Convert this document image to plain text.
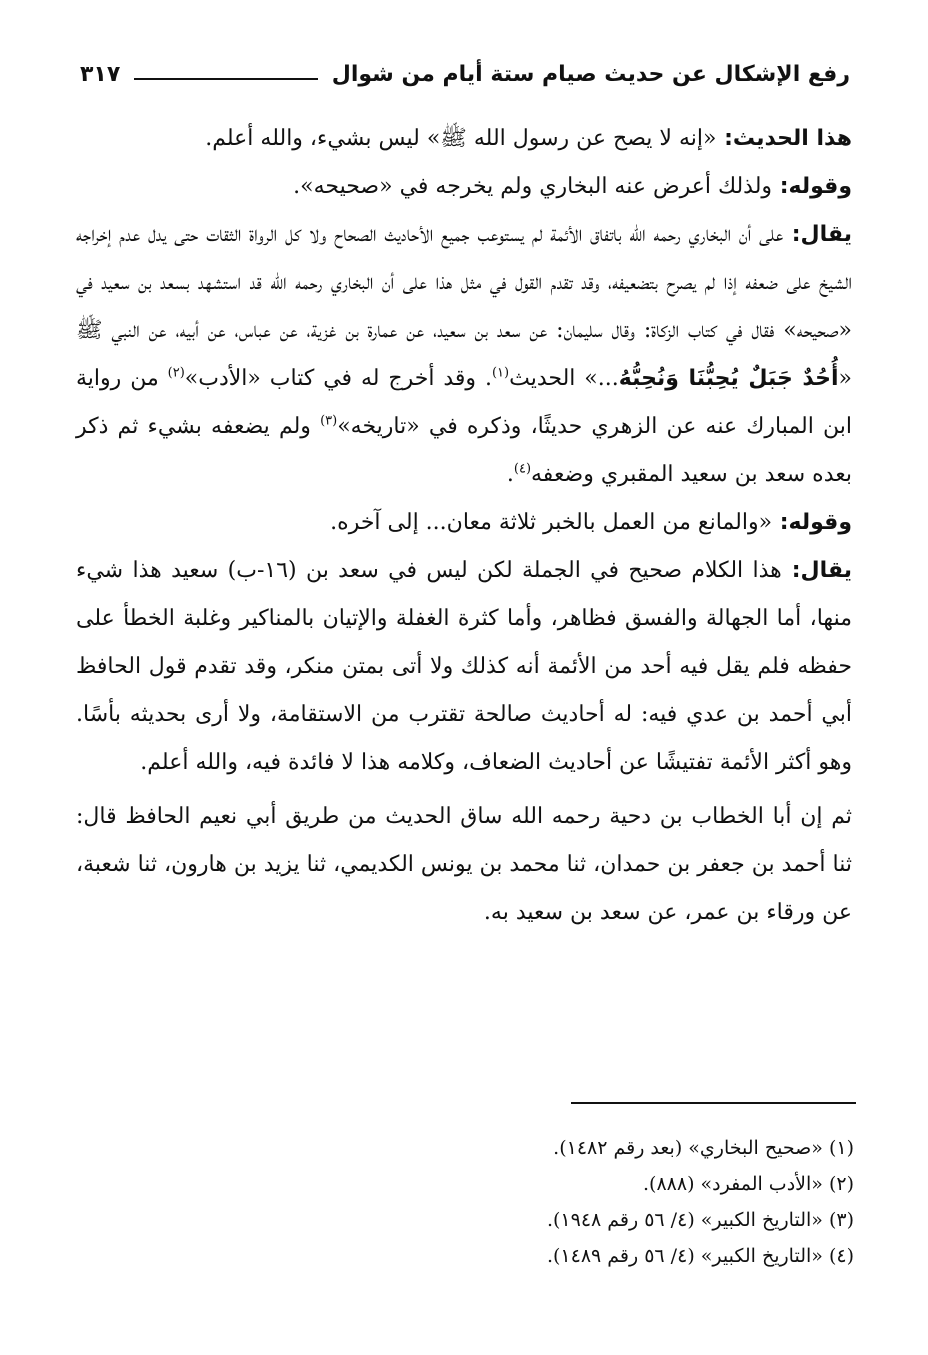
رفع الإشكال عن حديث صيام ستة أيام من شوال
٣١٧

هذا الحديث: «إنه لا يصح عن رسول الله ﷺ» ليس بشيء، والله أعلم.

وقوله: ولذلك أعرض عنه البخاري ولم يخرجه في «صحيحه».

يقال: على أن البخاري رحمه الله باتفاق الأئمة لم يستوعب جميع الأحاديث الصحاح ولا كل الرواة الثقات حتى يدل عدم إخراجه الشيخ على ضعفه إذا لم يصرح بتضعيفه، وقد تقدم القول في مثل هذا على أن البخاري رحمه الله قد استشهد بسعد بن سعيد في «صحيحه» فقال في كتاب الزكاة: وقال سليمان: عن سعد بن سعيد، عن عمارة بن غزية، عن عباس، عن أبيه، عن النبي ﷺ «أُحُدٌ جَبَلٌ يُحِبُّنَا وَنُحِبُّهُ...» الحديث$^{(١)}$. وقد أخرج له في كتاب «الأدب»$^{(٢)}$ من رواية ابن المبارك عنه عن الزهري حديثًا، وذكره في «تاريخه»$^{(٣)}$ ولم يضعفه بشيء ثم ذكر بعده سعد بن سعيد المقبري وضعفه$^{(٤)}$.

وقوله: «والمانع من العمل بالخبر ثلاثة معان... إلى آخره.

يقال: هذا الكلام صحيح في الجملة لكن ليس في سعد بن (١٦-ب) سعيد هذا شيء منها، أما الجهالة والفسق فظاهر، وأما كثرة الغفلة والإتيان بالمناكير وغلبة الخطأ على حفظه فلم يقل فيه أحد من الأئمة أنه كذلك ولا أتى بمتن منكر، وقد تقدم قول الحافظ أبي أحمد بن عدي فيه: له أحاديث صالحة تقترب من الاستقامة، ولا أرى بحديثه بأسًا. وهو أكثر الأئمة تفتيشًا عن أحاديث الضعاف، وكلامه هذا لا فائدة فيه، والله أعلم.

ثم إن أبا الخطاب بن دحية رحمه الله ساق الحديث من طريق أبي نعيم الحافظ قال: ثنا أحمد بن جعفر بن حمدان، ثنا محمد بن يونس الكديمي، ثنا يزيد بن هارون، ثنا شعبة، عن ورقاء بن عمر، عن سعد بن سعيد به.

(١) «صحيح البخاري» (بعد رقم ١٤٨٢).

(٢) «الأدب المفرد» (٨٨٨).

(٣) «التاريخ الكبير» (٤/ ٥٦ رقم ١٩٤٨).

(٤) «التاريخ الكبير» (٤/ ٥٦ رقم ١٤٨٩).
